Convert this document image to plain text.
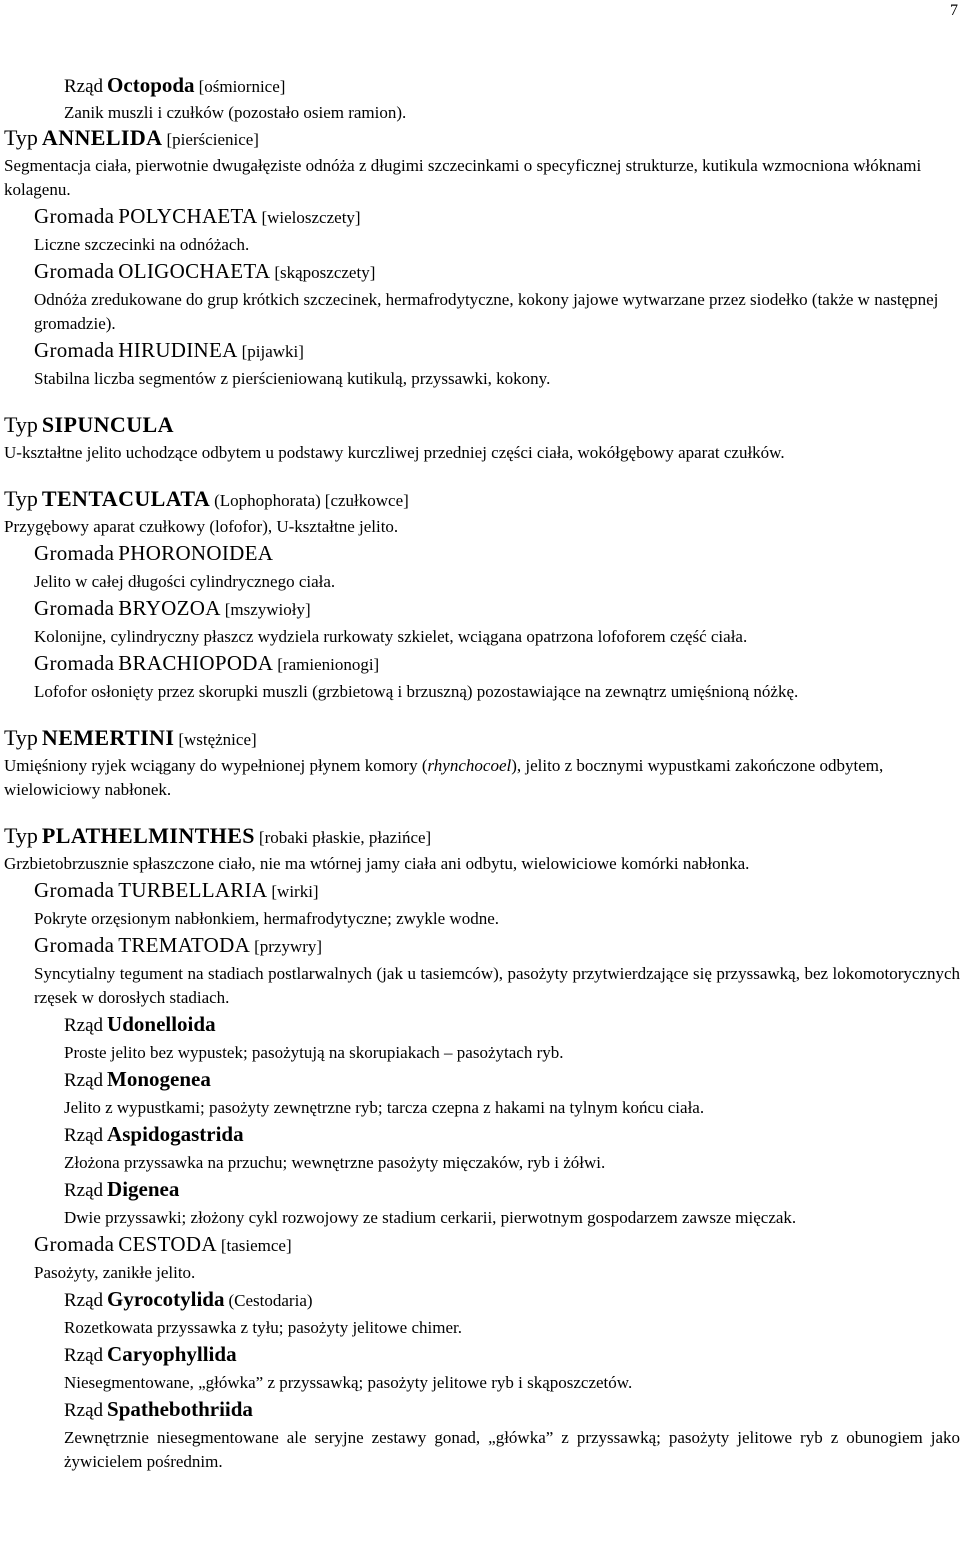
7
Rząd Octopoda [ośmiornice]
Zanik muszli i czułków (pozostało osiem ramion).
Typ ANNELIDA [pierścienice]
Segmentacja ciała, pierwotnie dwugałęziste odnóża z długimi szczecinkami o specyficznej strukturze, kutikula wzmocniona włóknami kolagenu.
Gromada POLYCHAETA [wieloszczety]
Liczne szczecinki na odnóżach.
Gromada OLIGOCHAETA [skąposzczety]
Odnóża zredukowane do grup krótkich szczecinek, hermafrodytyczne, kokony jajowe wytwarzane przez siodełko (także w następnej gromadzie).
Gromada HIRUDINEA [pijawki]
Stabilna liczba segmentów z pierścieniowaną kutikulą, przyssawki, kokony.
Typ SIPUNCULA
U-kształtne jelito uchodzące odbytem u podstawy kurczliwej przedniej części ciała, wokółgębowy aparat czułków.
Typ TENTACULATA (Lophophorata) [czułkowce]
Przygębowy aparat czułkowy (lofofor), U-kształtne jelito.
Gromada PHORONOIDEA
Jelito w całej długości cylindrycznego ciała.
Gromada BRYOZOA [mszywioły]
Kolonijne, cylindryczny płaszcz wydziela rurkowaty szkielet, wciągana opatrzona lofoforem część ciała.
Gromada BRACHIOPODA [ramienionogi]
Lofofor osłonięty przez skorupki muszli (grzbietową i brzuszną) pozostawiające na zewnątrz umięśnioną nóżkę.
Typ NEMERTINI [wstężnice]
Umięśniony ryjek wciągany do wypełnionej płynem komory (rhynchocoel), jelito z bocznymi wypustkami zakończone odbytem, wielowiciowy nabłonek.
Typ PLATHELMINTHES [robaki płaskie, płazińce]
Grzbietobrzusznie spłaszczone ciało, nie ma wtórnej jamy ciała ani odbytu, wielowiciowe komórki nabłonka.
Gromada TURBELLARIA [wirki]
Pokryte orzęsionym nabłonkiem, hermafrodytyczne; zwykle wodne.
Gromada TREMATODA [przywry]
Syncytialny tegument na stadiach postlarwalnych (jak u tasiemców), pasożyty przytwierdzające się przyssawką, bez lokomotorycznych rzęsek w dorosłych stadiach.
Rząd Udonelloida
Proste jelito bez wypustek; pasożytują na skorupiakach – pasożytach ryb.
Rząd Monogenea
Jelito z wypustkami; pasożyty zewnętrzne ryb; tarcza czepna z hakami na tylnym końcu ciała.
Rząd Aspidogastrida
Złożona przyssawka na przuchu; wewnętrzne pasożyty mięczaków, ryb i żółwi.
Rząd Digenea
Dwie przyssawki; złożony cykl rozwojowy ze stadium cerkarii, pierwotnym gospodarzem zawsze mięczak.
Gromada CESTODA [tasiemce]
Pasożyty, zanikłe jelito.
Rząd Gyrocotylida (Cestodaria)
Rozetkowata przyssawka z tyłu; pasożyty jelitowe chimer.
Rząd Caryophyllida
Niesegmentowane, „główka” z przyssawką; pasożyty jelitowe ryb i skąposzczetów.
Rząd Spathebothriida
Zewnętrznie niesegmentowane ale seryjne zestawy gonad, „główka” z przyssawką; pasożyty jelitowe ryb z obunogiem jako żywicielem pośrednim.
